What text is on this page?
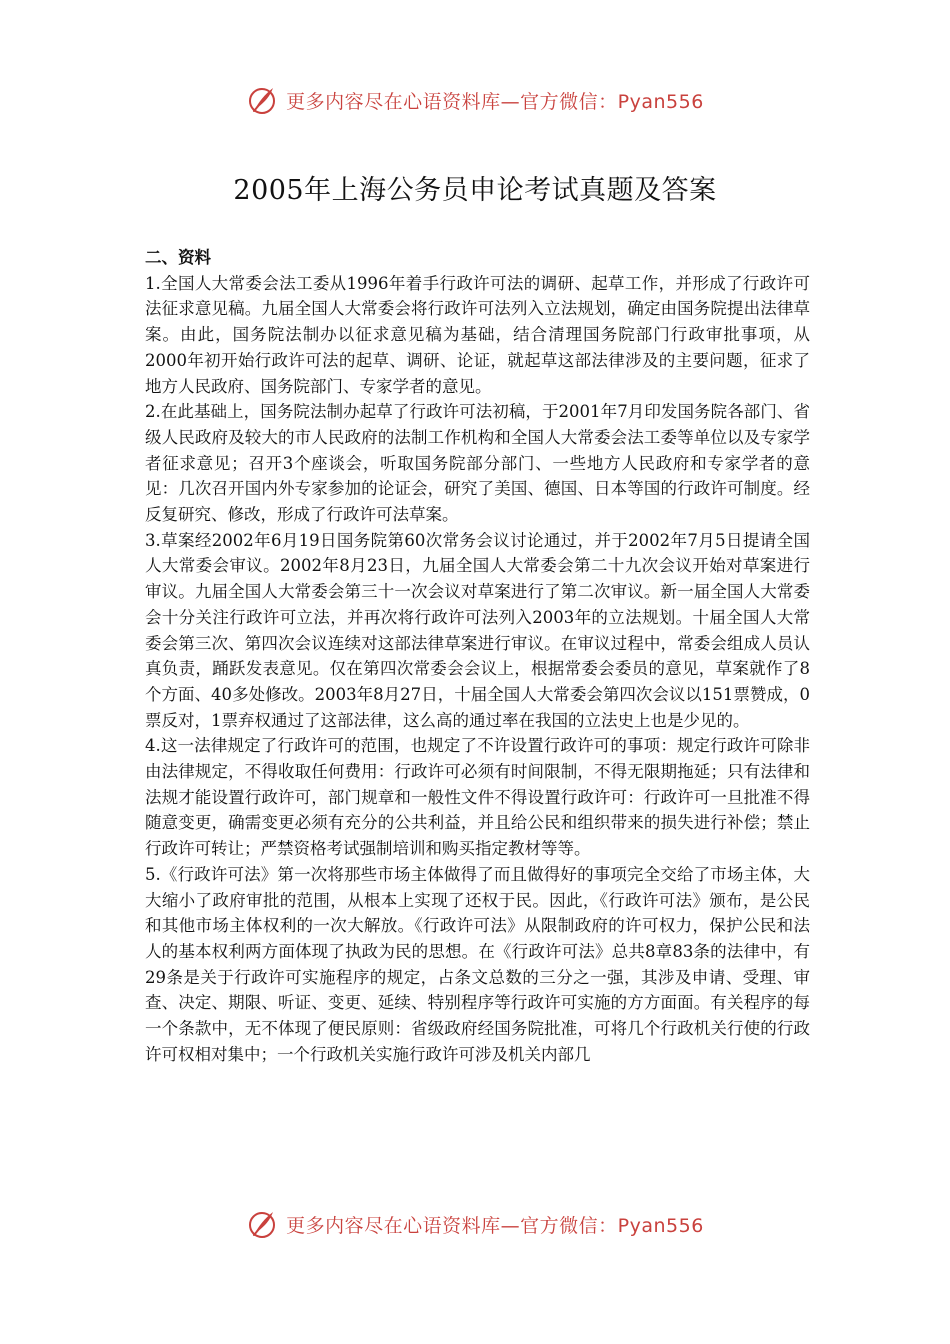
更多内容尽在心语资料库—官方微信：Pyan556
2005年上海公务员申论考试真题及答案

二、资料

1.全国人大常委会法工委从1996年着手行政许可法的调研、起草工作，并形成了行政许可法征求意见稿。九届全国人大常委会将行政许可法列入立法规划，确定由国务院提出法律草案。由此，国务院法制办以征求意见稿为基础，结合清理国务院部门行政审批事项，从2000年初开始行政许可法的起草、调研、论证，就起草这部法律涉及的主要问题，征求了地方人民政府、国务院部门、专家学者的意见。

2.在此基础上，国务院法制办起草了行政许可法初稿，于2001年7月印发国务院各部门、省级人民政府及较大的市人民政府的法制工作机构和全国人大常委会法工委等单位以及专家学者征求意见；召开3个座谈会，听取国务院部分部门、一些地方人民政府和专家学者的意见：几次召开国内外专家参加的论证会，研究了美国、德国、日本等国的行政许可制度。经反复研究、修改，形成了行政许可法草案。

3.草案经2002年6月19日国务院第60次常务会议讨论通过，并于2002年7月5日提请全国人大常委会审议。2002年8月23日，九届全国人大常委会第二十九次会议开始对草案进行审议。九届全国人大常委会第三十一次会议对草案进行了第二次审议。新一届全国人大常委会十分关注行政许可立法，并再次将行政许可法列入2003年的立法规划。十届全国人大常委会第三次、第四次会议连续对这部法律草案进行审议。在审议过程中，常委会组成人员认真负责，踊跃发表意见。仅在第四次常委会会议上，根据常委会委员的意见，草案就作了8个方面、40多处修改。2003年8月27日，十届全国人大常委会第四次会议以151票赞成，0票反对，1票弃权通过了这部法律，这么高的通过率在我国的立法史上也是少见的。

4.这一法律规定了行政许可的范围，也规定了不许设置行政许可的事项：规定行政许可除非由法律规定，不得收取任何费用：行政许可必须有时间限制，不得无限期拖延；只有法律和法规才能设置行政许可，部门规章和一般性文件不得设置行政许可：行政许可一旦批准不得随意变更，确需变更必须有充分的公共利益，并且给公民和组织带来的损失进行补偿；禁止行政许可转让；严禁资格考试强制培训和购买指定教材等等。

5.《行政许可法》第一次将那些市场主体做得了而且做得好的事项完全交给了市场主体，大大缩小了政府审批的范围，从根本上实现了还权于民。因此，《行政许可法》颁布，是公民和其他市场主体权利的一次大解放。《行政许可法》从限制政府的许可权力，保护公民和法人的基本权利两方面体现了执政为民的思想。在《行政许可法》总共8章83条的法律中，有29条是关于行政许可实施程序的规定，占条文总数的三分之一强，其涉及申请、受理、审查、决定、期限、听证、变更、延续、特别程序等行政许可实施的方方面面。有关程序的每一个条款中，无不体现了便民原则：省级政府经国务院批准，可将几个行政机关行使的行政许可权相对集中；一个行政机关实施行政许可涉及机关内部几

更多内容尽在心语资料库—官方微信：Pyan556
